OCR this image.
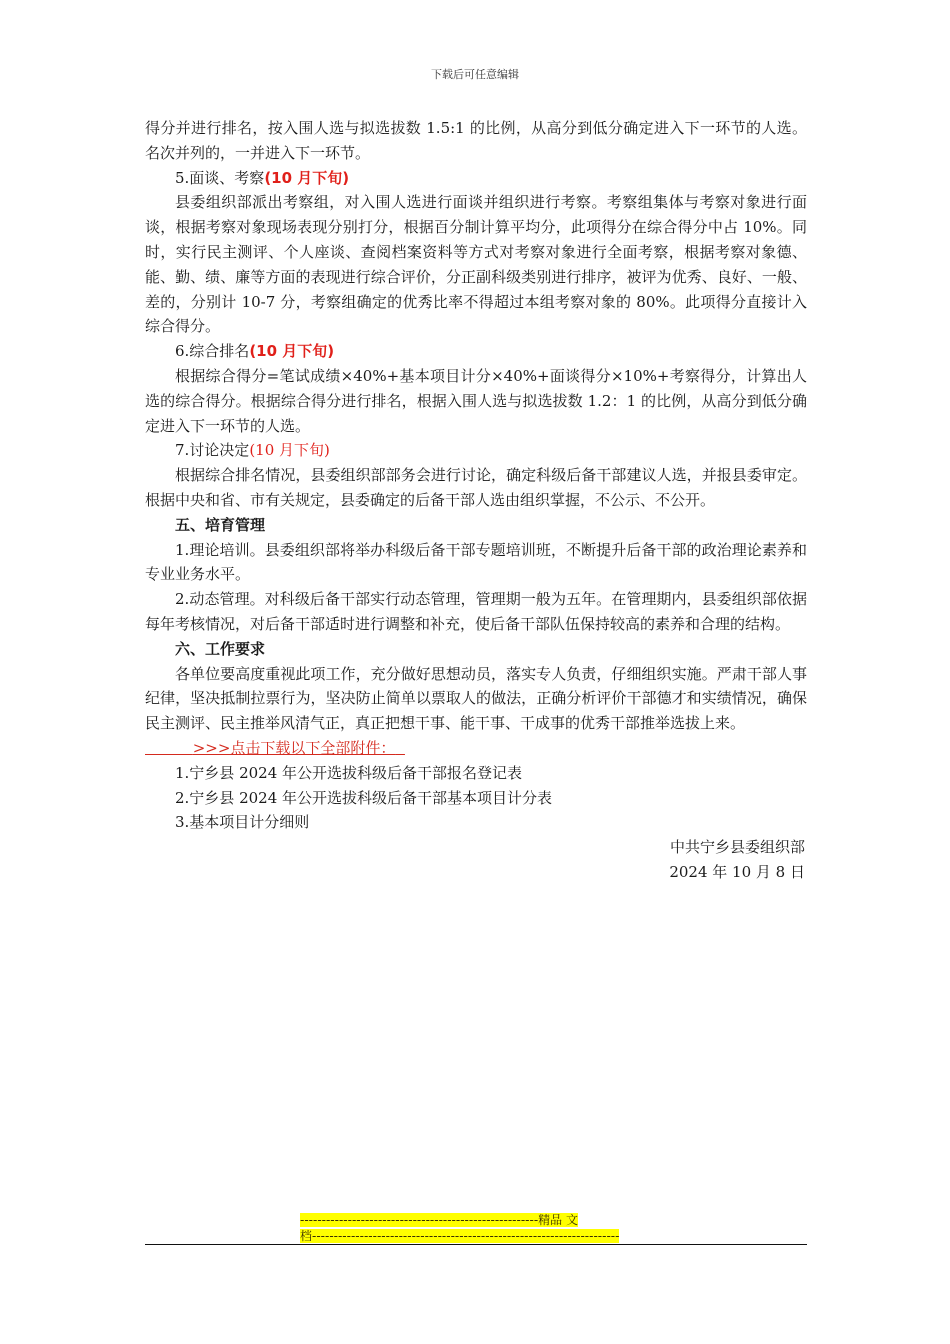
下载后可任意编辑

得分并进行排名，按入围人选与拟选拔数 1.5:1 的比例，从高分到低分确定进入下一环节的人选。名次并列的，一并进入下一环节。

5.面谈、考察(10 月下旬)

县委组织部派出考察组，对入围人选进行面谈并组织进行考察。考察组集体与考察对象进行面谈，根据考察对象现场表现分别打分，根据百分制计算平均分，此项得分在综合得分中占 10%。同时，实行民主测评、个人座谈、查阅档案资料等方式对考察对象进行全面考察，根据考察对象德、能、勤、绩、廉等方面的表现进行综合评价，分正副科级类别进行排序，被评为优秀、良好、一般、差的，分别计 10-7 分，考察组确定的优秀比率不得超过本组考察对象的 80%。此项得分直接计入综合得分。

6.综合排名(10 月下旬)

根据综合得分=笔试成绩×40%+基本项目计分×40%+面谈得分×10%+考察得分，计算出人选的综合得分。根据综合得分进行排名，根据入围人选与拟选拔数 1.2：1 的比例，从高分到低分确定进入下一环节的人选。

7.讨论决定(10 月下旬)

根据综合排名情况，县委组织部部务会进行讨论，确定科级后备干部建议人选，并报县委审定。根据中央和省、市有关规定，县委确定的后备干部人选由组织掌握，不公示、不公开。

五、培育管理

1.理论培训。县委组织部将举办科级后备干部专题培训班，不断提升后备干部的政治理论素养和专业业务水平。

2.动态管理。对科级后备干部实行动态管理，管理期一般为五年。在管理期内，县委组织部依据每年考核情况，对后备干部适时进行调整和补充，使后备干部队伍保持较高的素养和合理的结构。

六、工作要求

各单位要高度重视此项工作，充分做好思想动员，落实专人负责，仔细组织实施。严肃干部人事纪律，坚决抵制拉票行为，坚决防止简单以票取人的做法，正确分析评价干部德才和实绩情况，确保民主测评、民主推举风清气正，真正把想干事、能干事、干成事的优秀干部推举选拔上来。

>>>点击下载以下全部附件：

1.宁乡县 2024 年公开选拔科级后备干部报名登记表

2.宁乡县 2024 年公开选拔科级后备干部基本项目计分表

3.基本项目计分细则

中共宁乡县委组织部

2024 年 10 月 8 日

-------------------------------------------------------精品 文
档-----------------------------------------------------------------------
